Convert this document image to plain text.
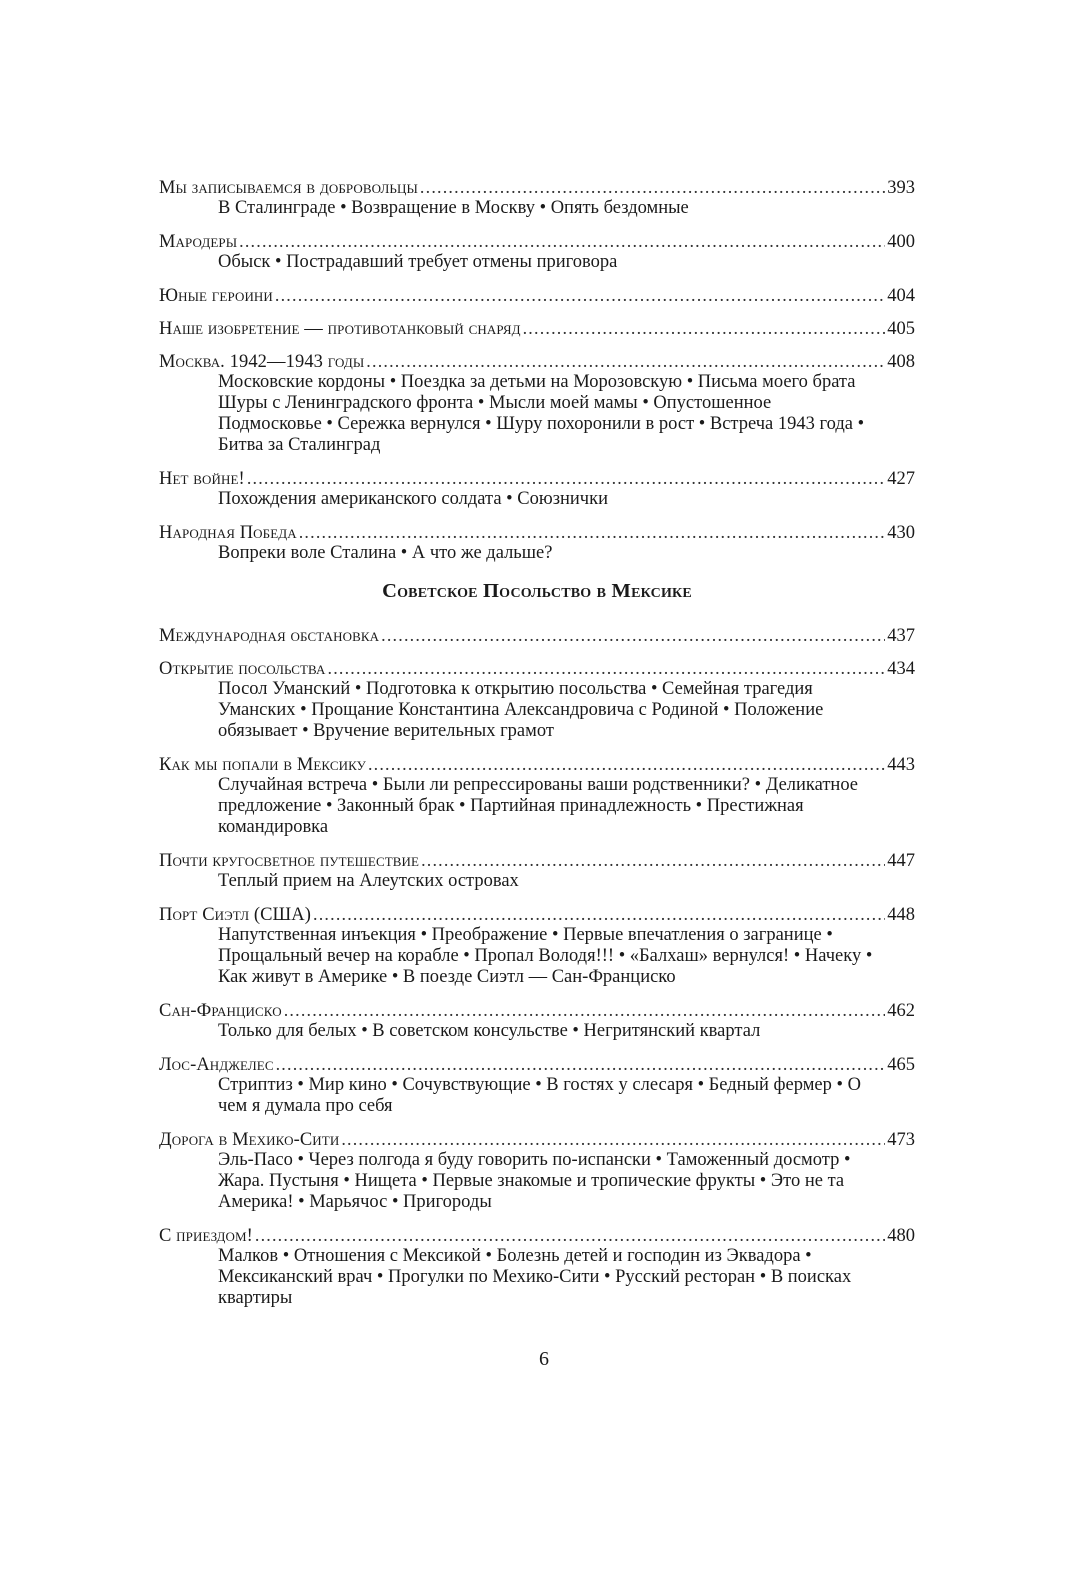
Мы записываемся в добровольцы .....	393
В Сталинграде • Возвращение в Москву • Опять бездомные
Мародеры .....	400
Обыск • Пострадавший требует отмены приговора
Юные героини .....	404
Наше изобретение — противотанковый снаряд .....	405
Москва. 1942—1943 годы .....	408
Московские кордоны • Поездка за детьми на Морозовскую • Письма моего брата Шуры с Ленинградского фронта • Мысли моей мамы • Опустошенное Подмосковье • Сережка вернулся • Шуру похоронили в рост • Встреча 1943 года • Битва за Сталинград
Нет войне! .....	427
Похождения американского солдата • Союзнички
Народная Победа .....	430
Вопреки воле Сталина • А что же дальше?
Советское Посольство в Мексике
Международная обстановка .....	437
Открытие посольства .....	434
Посол Уманский • Подготовка к открытию посольства • Семейная трагедия Уманских • Прощание Константина Александровича с Родиной • Положение обязывает • Вручение верительных грамот
Как мы попали в Мексику .....	443
Случайная встреча • Были ли репрессированы ваши родственники? • Деликатное предложение • Законный брак • Партийная принадлежность • Престижная командировка
Почти кругосветное путешествие .....	447
Теплый прием на Алеутских островах
Порт Сиэтл (США) .....	448
Напутственная инъекция • Преображение • Первые впечатления о загранице • Прощальный вечер на корабле • Пропал Володя!!! • «Балхаш» вернулся! • Начеку • Как живут в Америке • В поезде Сиэтл — Сан-Франциско
Сан-Франциско .....	462
Только для белых • В советском консульстве • Негритянский квартал
Лос-Анджелес .....	465
Стриптиз • Мир кино • Сочувствующие • В гостях у слесаря • Бедный фермер • О чем я думала про себя
Дорога в Мехико-Сити .....	473
Эль-Пасо • Через полгода я буду говорить по-испански • Таможенный досмотр • Жара. Пустыня • Нищета • Первые знакомые и тропические фрукты • Это не та Америка! • Марьячос • Пригороды
С приездом! .....	480
Малков • Отношения с Мексикой • Болезнь детей и господин из Эквадора • Мексиканский врач • Прогулки по Мехико-Сити • Русский ресторан • В поисках квартиры
6
